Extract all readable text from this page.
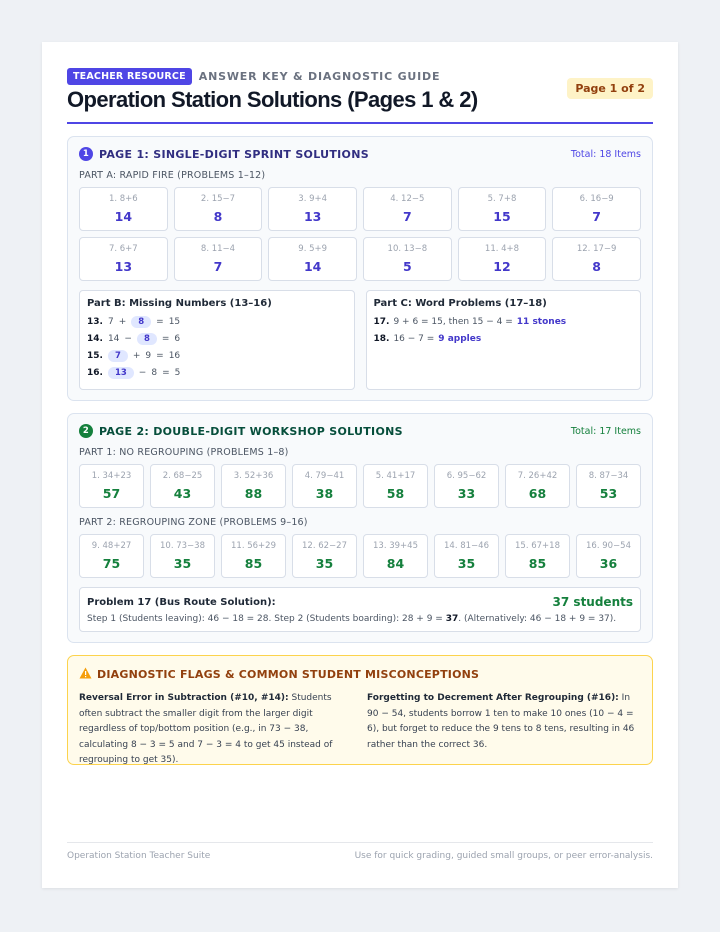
TEACHER RESOURCE	ANSWER KEY & DIAGNOSTIC GUIDE
Operation Station Solutions (Pages 1 & 2)	Page 1 of 2
1 PAGE 1: SINGLE-DIGIT SPRINT SOLUTIONS	Total: 18 Items
PART A: RAPID FIRE (PROBLEMS 1–12)
1. 8+6
14
2. 15−7
8
3. 9+4
13
4. 12−5
7
5. 7+8
15
6. 16−9
7
7. 6+7
13
8. 11−4
7
9. 5+9
14
10. 13−8
5
11. 4+8
12
12. 17−9
8
Part B: Missing Numbers (13–16)
13. 7 +	8	= 15
14. 14 −	8	= 6
15.	7	+ 9 = 16
16.	13	− 8 = 5
Part C: Word Problems (17–18)
17. 9 + 6 = 15, then 15 − 4 = 11 stones
18. 16 − 7 = 9 apples
2 PAGE 2: DOUBLE-DIGIT WORKSHOP SOLUTIONS	Total: 17 Items
PART 1: NO REGROUPING (PROBLEMS 1–8)
1. 34+23
57
2. 68−25
43
3. 52+36
88
4. 79−41
38
5. 41+17
58
6. 95−62
33
7. 26+42
68
8. 87−34
53
PART 2: REGROUPING ZONE (PROBLEMS 9–16)
9. 48+27
75
10. 73−38
35
11. 56+29
85
12. 62−27
35
13. 39+45
84
14. 81−46
35
15. 67+18
85
16. 90−54
36
Problem 17 (Bus Route Solution):	37 students
Step 1 (Students leaving): 46 − 18 = 28. Step 2 (Students boarding): 28 + 9 = 37. (Alternatively: 46 − 18 + 9 = 37).
DIAGNOSTIC FLAGS & COMMON STUDENT MISCONCEPTIONS
Reversal Error in Subtraction (#10, #14): Students often subtract the smaller digit from the larger digit regardless of top/bottom position (e.g., in 73 − 38, calculating 8 − 3 = 5 and 7 − 3 = 4 to get 45 instead of regrouping to get 35).
Forgetting to Decrement After Regrouping (#16): In 90 − 54, students borrow 1 ten to make 10 ones (10 − 4 = 6), but forget to reduce the 9 tens to 8 tens, resulting in 46 rather than the correct 36.
Operation Station Teacher Suite	Use for quick grading, guided small groups, or peer error-analysis.
